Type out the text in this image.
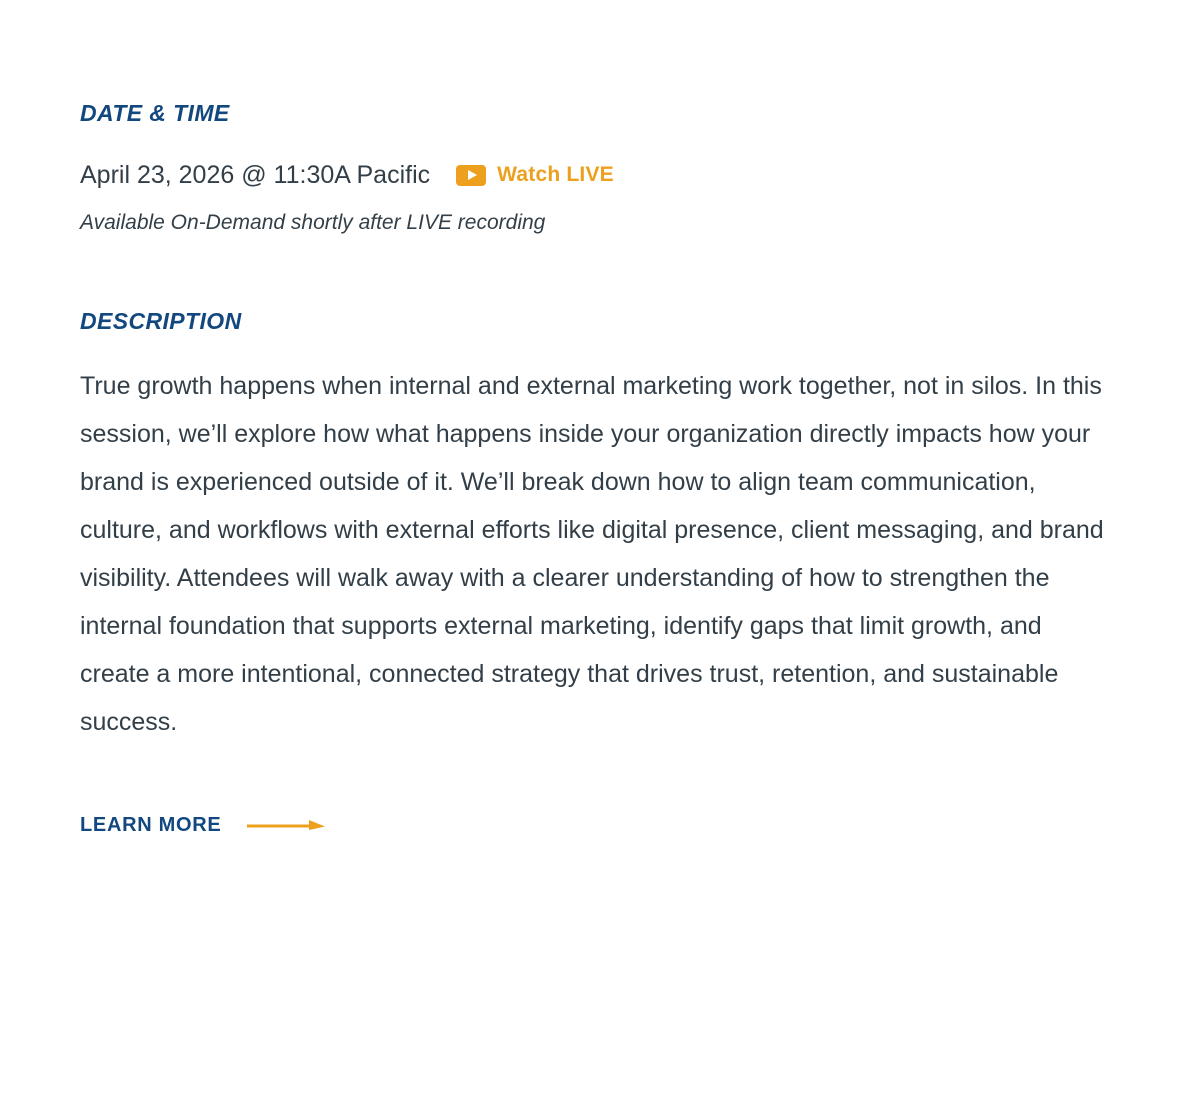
DATE & TIME
April 23, 2026 @ 11:30A Pacific	Watch LIVE
Available On-Demand shortly after LIVE recording
DESCRIPTION

True growth happens when internal and external marketing work together, not in silos. In this session, we’ll explore how what happens inside your organization directly impacts how your brand is experienced outside of it. We’ll break down how to align team communication, culture, and workflows with external efforts like digital presence, client messaging, and brand visibility. Attendees will walk away with a clearer understanding of how to strengthen the internal foundation that supports external marketing, identify gaps that limit growth, and create a more intentional, connected strategy that drives trust, retention, and sustainable success.

LEARN MORE
